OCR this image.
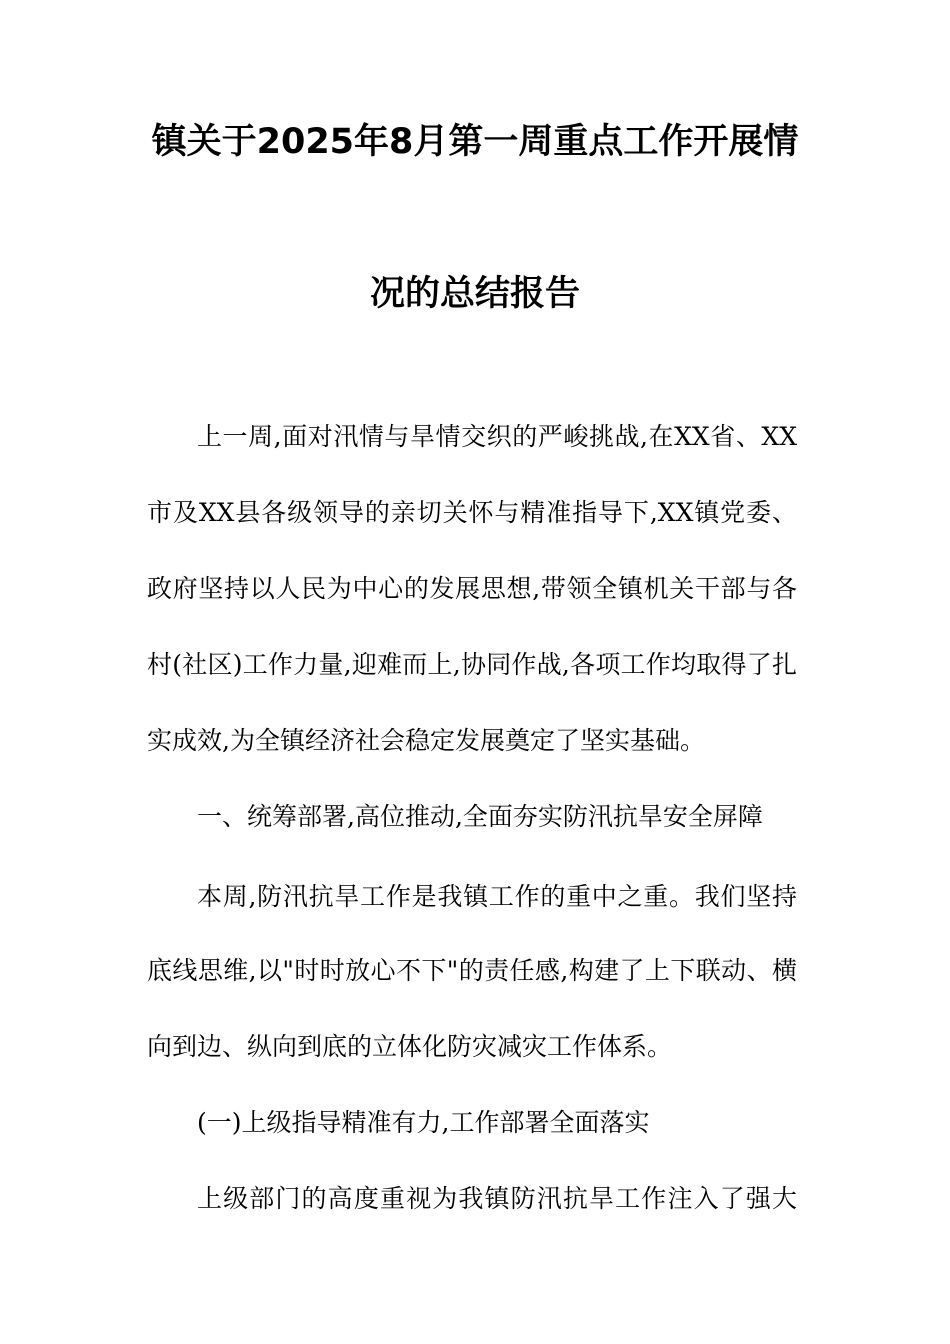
镇关于2025年8月第一周重点工作开展情
况的总结报告
上一周,面对汛情与旱情交织的严峻挑战,在XX省、XX
市及XX县各级领导的亲切关怀与精准指导下,XX镇党委、
政府坚持以人民为中心的发展思想,带领全镇机关干部与各
村(社区)工作力量,迎难而上,协同作战,各项工作均取得了扎
实成效,为全镇经济社会稳定发展奠定了坚实基础。
一、统筹部署,高位推动,全面夯实防汛抗旱安全屏障
本周,防汛抗旱工作是我镇工作的重中之重。我们坚持
底线思维,以"时时放心不下"的责任感,构建了上下联动、横
向到边、纵向到底的立体化防灾减灾工作体系。
(一)上级指导精准有力,工作部署全面落实
上级部门的高度重视为我镇防汛抗旱工作注入了强大
